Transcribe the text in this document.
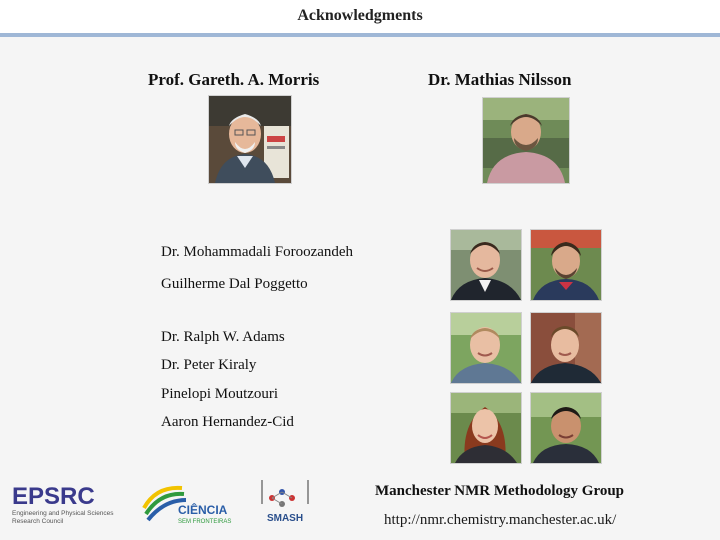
Acknowledgments
Prof. Gareth. A. Morris	Dr. Mathias Nilsson
Dr. Mohammadali Foroozandeh
Guilherme Dal Poggetto
Dr. Ralph W. Adams
Dr. Peter Kiraly
Pinelopi Moutzouri
Aaron Hernandez-Cid
EPSRC
Engineering and Physical Sciences
Research Council
CIÊNCIA
SEM FRONTEIRAS	SMASH
Manchester NMR Methodology Group
http://nmr.chemistry.manchester.ac.uk/
